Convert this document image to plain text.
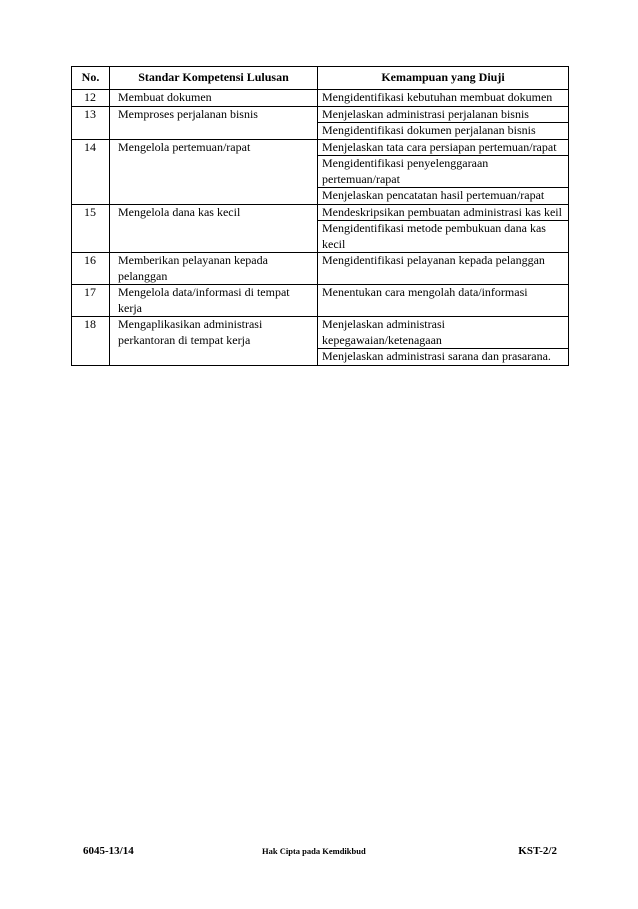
No.	Standar Kompetensi Lulusan	Kemampuan yang Diuji
12	Membuat dokumen	Mengidentifikasi kebutuhan membuat dokumen
13	Memproses perjalanan bisnis	Menjelaskan administrasi perjalanan bisnis
		Mengidentifikasi dokumen perjalanan bisnis
14	Mengelola pertemuan/rapat	Menjelaskan tata cara persiapan pertemuan/rapat
		Mengidentifikasi penyelenggaraan pertemuan/rapat
		Menjelaskan pencatatan hasil pertemuan/rapat
15	Mengelola dana kas kecil	Mendeskripsikan pembuatan administrasi kas keil
		Mengidentifikasi metode pembukuan dana kas kecil
16	Memberikan pelayanan kepada pelanggan	Mengidentifikasi pelayanan kepada pelanggan
17	Mengelola data/informasi di tempat kerja	Menentukan cara mengolah data/informasi
18	Mengaplikasikan administrasi perkantoran di tempat kerja	Menjelaskan administrasi kepegawaian/ketenagaan
		Menjelaskan administrasi sarana dan prasarana.
6045-13/14	Hak Cipta pada Kemdikbud	KST-2/2
